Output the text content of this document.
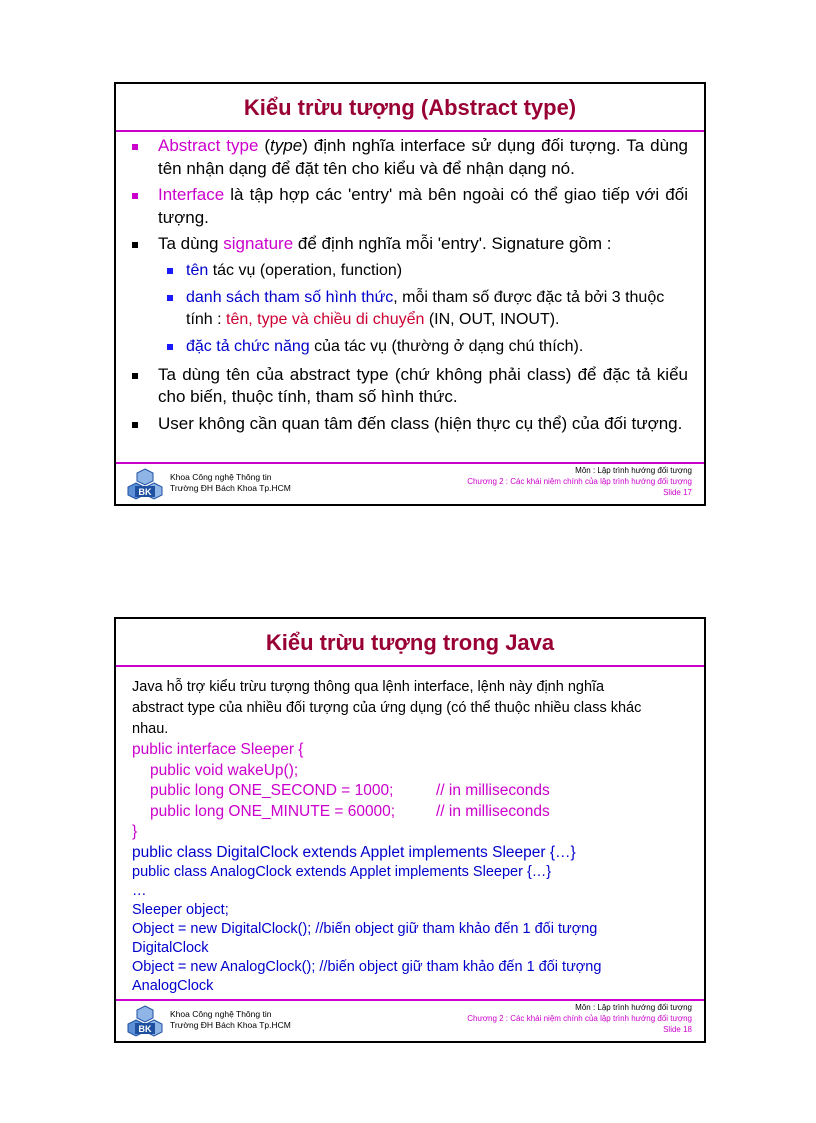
Kiểu trừu tượng (Abstract type)
Abstract type (type) định nghĩa interface sử dụng đối tượng. Ta dùng tên nhận dạng để đặt tên cho kiểu và để nhận dạng nó.
Interface là tập hợp các 'entry' mà bên ngoài có thể giao tiếp với đối tượng.
Ta dùng signature để định nghĩa mỗi 'entry'. Signature gồm :
tên tác vụ (operation, function)
danh sách tham số hình thức, mỗi tham số được đặc tả bởi 3 thuộc tính : tên, type và chiều di chuyển (IN, OUT, INOUT).
đặc tả chức năng của tác vụ (thường ở dạng chú thích).
Ta dùng tên của abstract type (chứ không phải class) để đặc tả kiểu cho biến, thuộc tính, tham số hình thức.
User không cần quan tâm đến class (hiện thực cụ thể) của đối tượng.
BK
Khoa Công nghệ Thông tin
Trường ĐH Bách Khoa Tp.HCM
Môn : Lập trình hướng đối tượng
Chương 2 : Các khái niệm chính của lập trình hướng đối tượng
Slide 17
Kiểu trừu tượng trong Java
Java hỗ trợ kiểu trừu tượng thông qua lệnh interface, lệnh này định nghĩa
abstract type của nhiều đối tượng của ứng dụng (có thể thuộc nhiều class khác
nhau.
public interface Sleeper {
public void wakeUp();
public long ONE_SECOND = 1000;	// in milliseconds
public long ONE_MINUTE = 60000;	// in milliseconds
}
public class DigitalClock extends Applet implements Sleeper {…}
public class AnalogClock extends Applet implements Sleeper {…}
…
Sleeper object;
Object = new DigitalClock(); //biến object giữ tham khảo đến 1 đối tượng
DigitalClock
Object = new AnalogClock(); //biến object giữ tham khảo đến 1 đối tượng
AnalogClock
BK
Khoa Công nghệ Thông tin
Trường ĐH Bách Khoa Tp.HCM
Môn : Lập trình hướng đối tượng
Chương 2 : Các khái niệm chính của lập trình hướng đối tượng
Slide 18
